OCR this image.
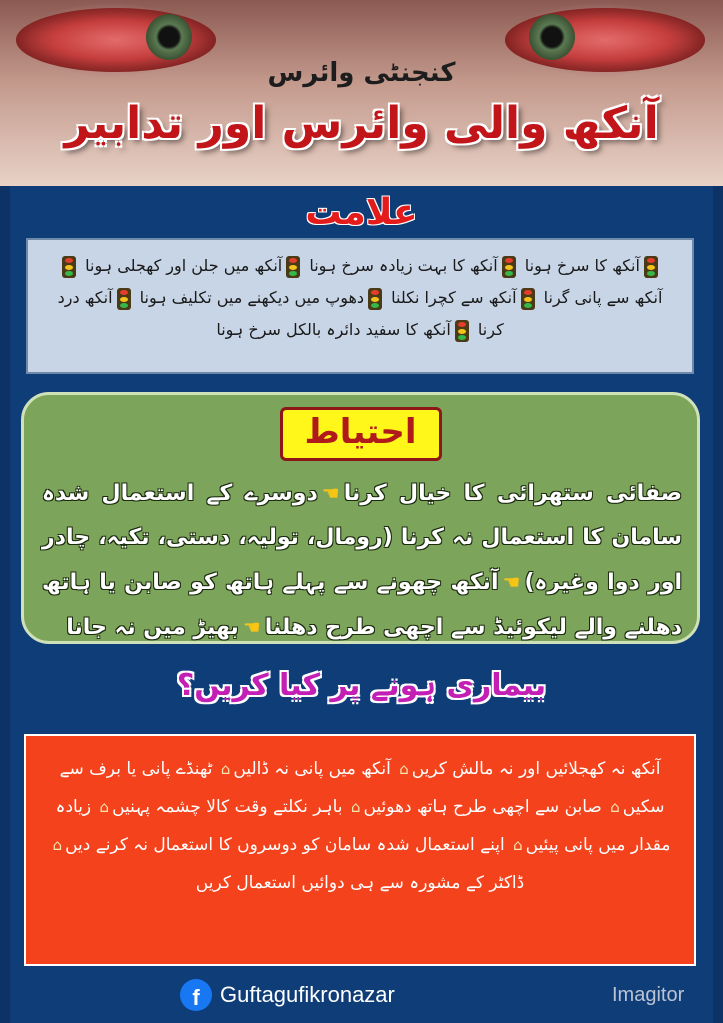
کنجنٹی وائرس
آنکھ والی وائرس اور تدابیر
علامت
آنکھ کا سرخ ہونا آنکھ کا بہت زیادہ سرخ ہونا آنکھ میں جلن اور کھجلی ہونا آنکھ سے پانی گرنا آنکھ سے کچرا نکلنا دھوپ میں دیکھنے میں تکلیف ہونا آنکھ درد کرنا آنکھ کا سفید دائرہ بالکل سرخ ہونا
احتیاط
صفائی ستھرائی کا خیال کرنا☚دوسرے کے استعمال شدہ سامان کا استعمال نہ کرنا (رومال، تولیہ، دستی، تکیہ، چادر اور دوا وغیرہ)☚آنکھ چھونے سے پہلے ہاتھ کو صابن یا ہاتھ دھلنے والے لیکوئیڈ سے اچھی طرح دھلنا☚بھیڑ میں نہ جانا
بیماری ہونے پر کیا کریں؟
آنکھ نہ کھجلائیں اور نہ مالش کریں⌂ آنکھ میں پانی نہ ڈالیں⌂ ٹھنڈے پانی یا برف سے سکیں⌂ صابن سے اچھی طرح ہاتھ دھوئیں⌂ باہر نکلتے وقت کالا چشمہ پہنیں⌂ زیادہ مقدار میں پانی پیئیں⌂ اپنے استعمال شدہ سامان کو دوسروں کا استعمال نہ کرنے دیں⌂ ڈاکٹر کے مشورہ سے ہی دوائیں استعمال کریں
f Guftagufikronazar	Imagitor
